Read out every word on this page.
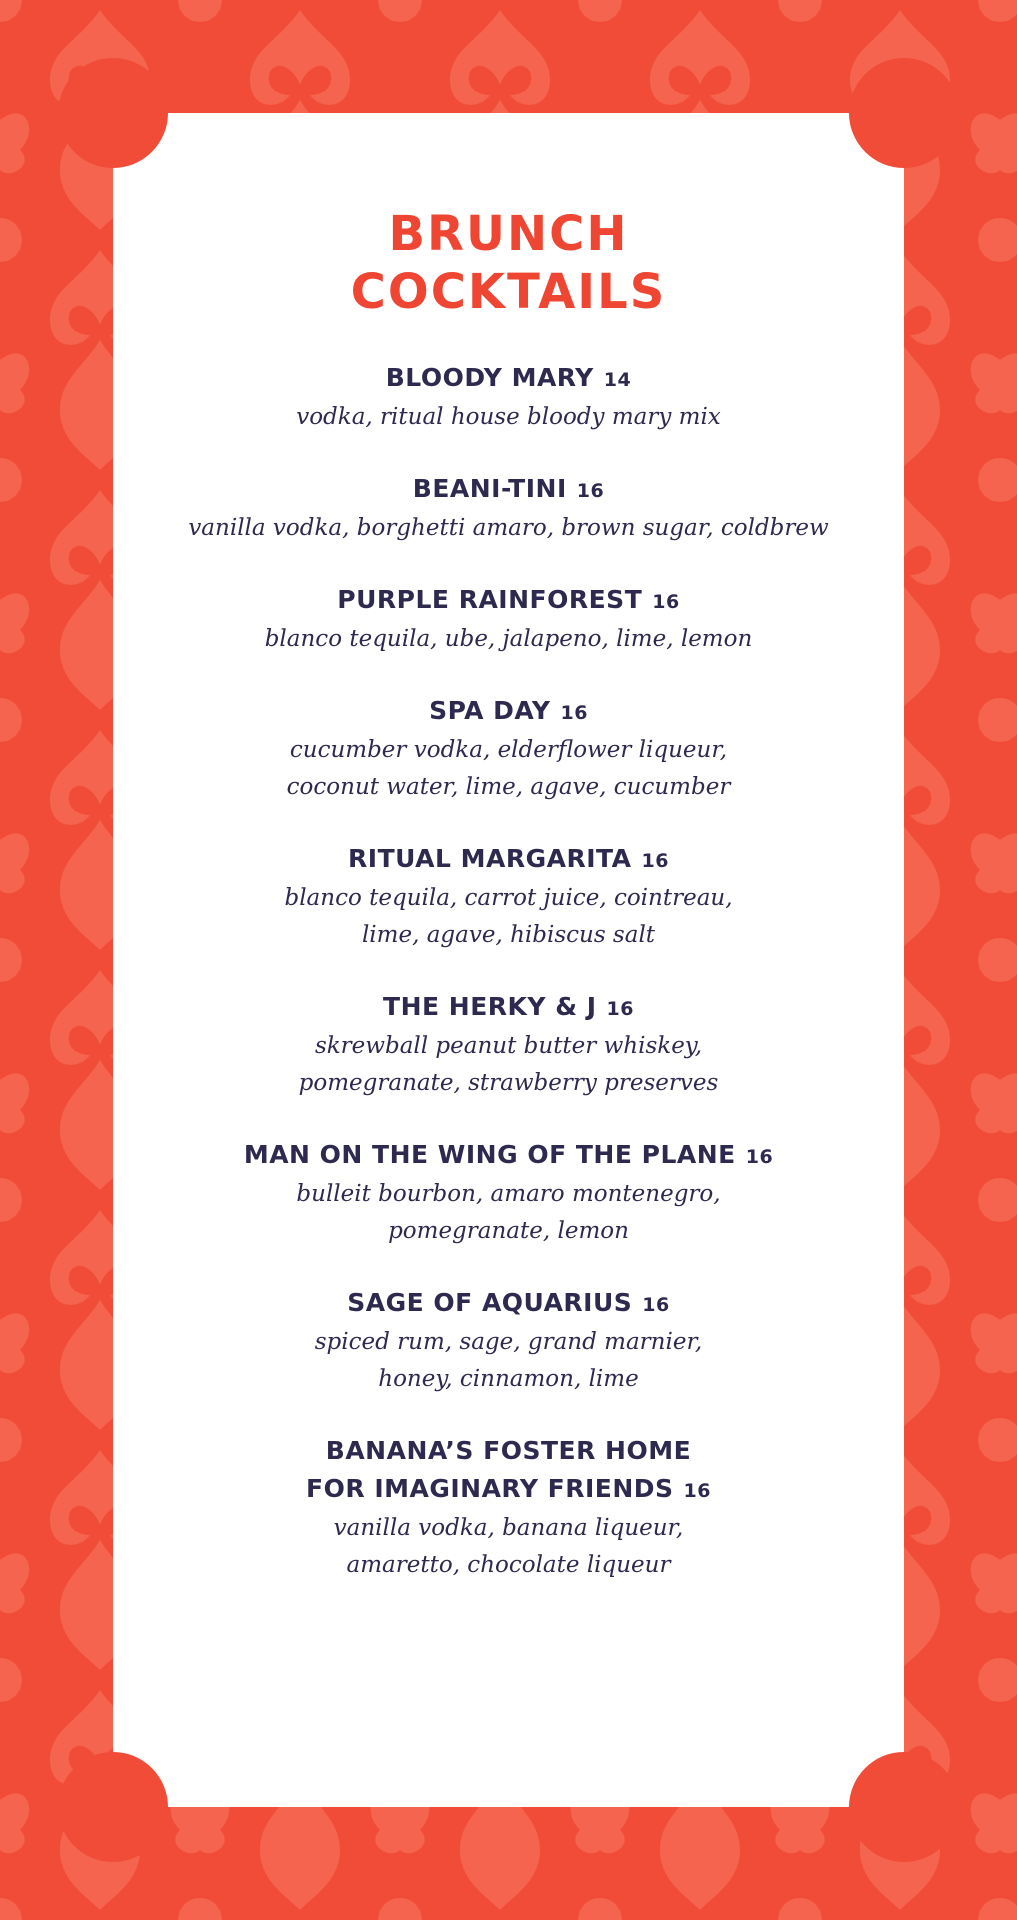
BRUNCH
COCKTAILS
BLOODY MARY 14
vodka, ritual house bloody mary mix
BEANI-TINI 16
vanilla vodka, borghetti amaro, brown sugar, coldbrew
PURPLE RAINFOREST 16
blanco tequila, ube, jalapeno, lime, lemon
SPA DAY 16
cucumber vodka, elderflower liqueur,
coconut water, lime, agave, cucumber
RITUAL MARGARITA 16
blanco tequila, carrot juice, cointreau,
lime, agave, hibiscus salt
THE HERKY & J 16
skrewball peanut butter whiskey,
pomegranate, strawberry preserves
MAN ON THE WING OF THE PLANE 16
bulleit bourbon, amaro montenegro,
pomegranate, lemon
SAGE OF AQUARIUS 16
spiced rum, sage, grand marnier,
honey, cinnamon, lime
BANANA’S FOSTER HOME
FOR IMAGINARY FRIENDS 16
vanilla vodka, banana liqueur,
amaretto, chocolate liqueur
